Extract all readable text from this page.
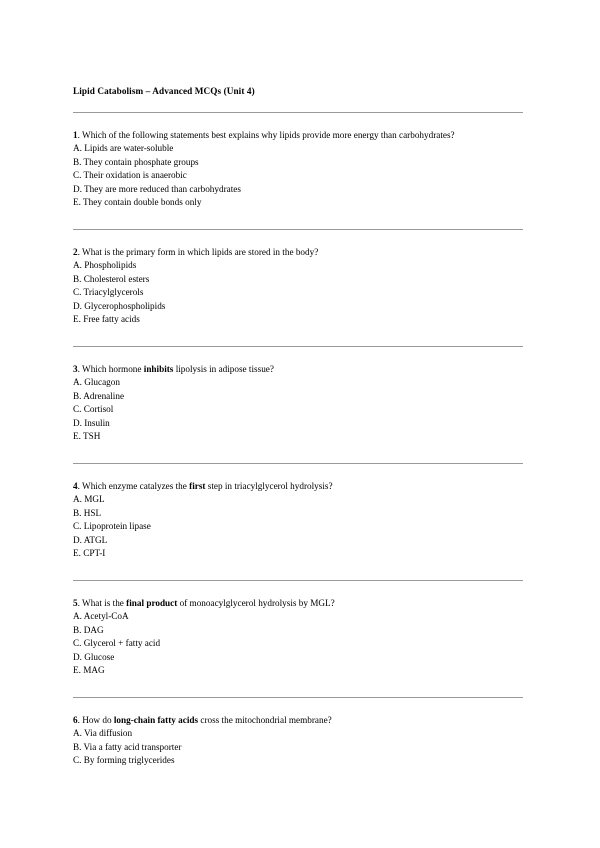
Lipid Catabolism – Advanced MCQs (Unit 4)
1. Which of the following statements best explains why lipids provide more energy than carbohydrates?
A. Lipids are water-soluble
B. They contain phosphate groups
C. Their oxidation is anaerobic
D. They are more reduced than carbohydrates
E. They contain double bonds only
2. What is the primary form in which lipids are stored in the body?
A. Phospholipids
B. Cholesterol esters
C. Triacylglycerols
D. Glycerophospholipids
E. Free fatty acids
3. Which hormone inhibits lipolysis in adipose tissue?
A. Glucagon
B. Adrenaline
C. Cortisol
D. Insulin
E. TSH
4. Which enzyme catalyzes the first step in triacylglycerol hydrolysis?
A. MGL
B. HSL
C. Lipoprotein lipase
D. ATGL
E. CPT-I
5. What is the final product of monoacylglycerol hydrolysis by MGL?
A. Acetyl-CoA
B. DAG
C. Glycerol + fatty acid
D. Glucose
E. MAG
6. How do long-chain fatty acids cross the mitochondrial membrane?
A. Via diffusion
B. Via a fatty acid transporter
C. By forming triglycerides
